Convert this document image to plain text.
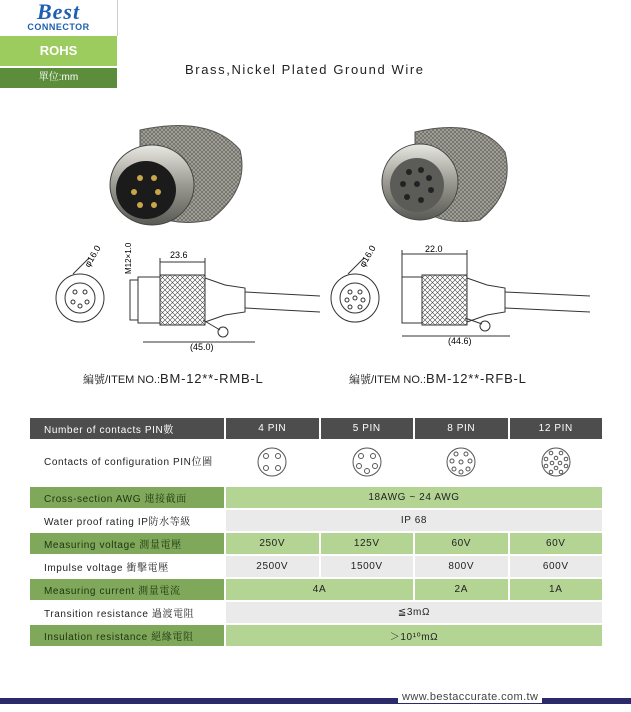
Best
CONNECTOR
ROHS
單位:mm
Brass,Nickel Plated Ground Wire
φ16.0	23.6
M12×1.0
(45.0)
φ16.0	22.0
(44.6)
編號/ITEM NO.:BM-12**-RMB-L	編號/ITEM NO.:BM-12**-RFB-L
Number of contacts PIN數	4 PIN	5 PIN	8 PIN	12 PIN
Contacts of configuration PIN位圖				
Cross-section AWG 連接截面	18AWG ~ 24 AWG			
Water proof rating IP防水等級	IP 68			
Measuring voltage 測量電壓	250V	125V	60V	60V
Impulse voltage 衝擊電壓	2500V	1500V	800V	600V
Measuring current 測量電流	4A		2A	1A
Transition resistance 過渡電阻	≦3mΩ			
Insulation resistance 絕緣電阻	＞10¹⁰mΩ			
www.bestaccurate.com.tw
